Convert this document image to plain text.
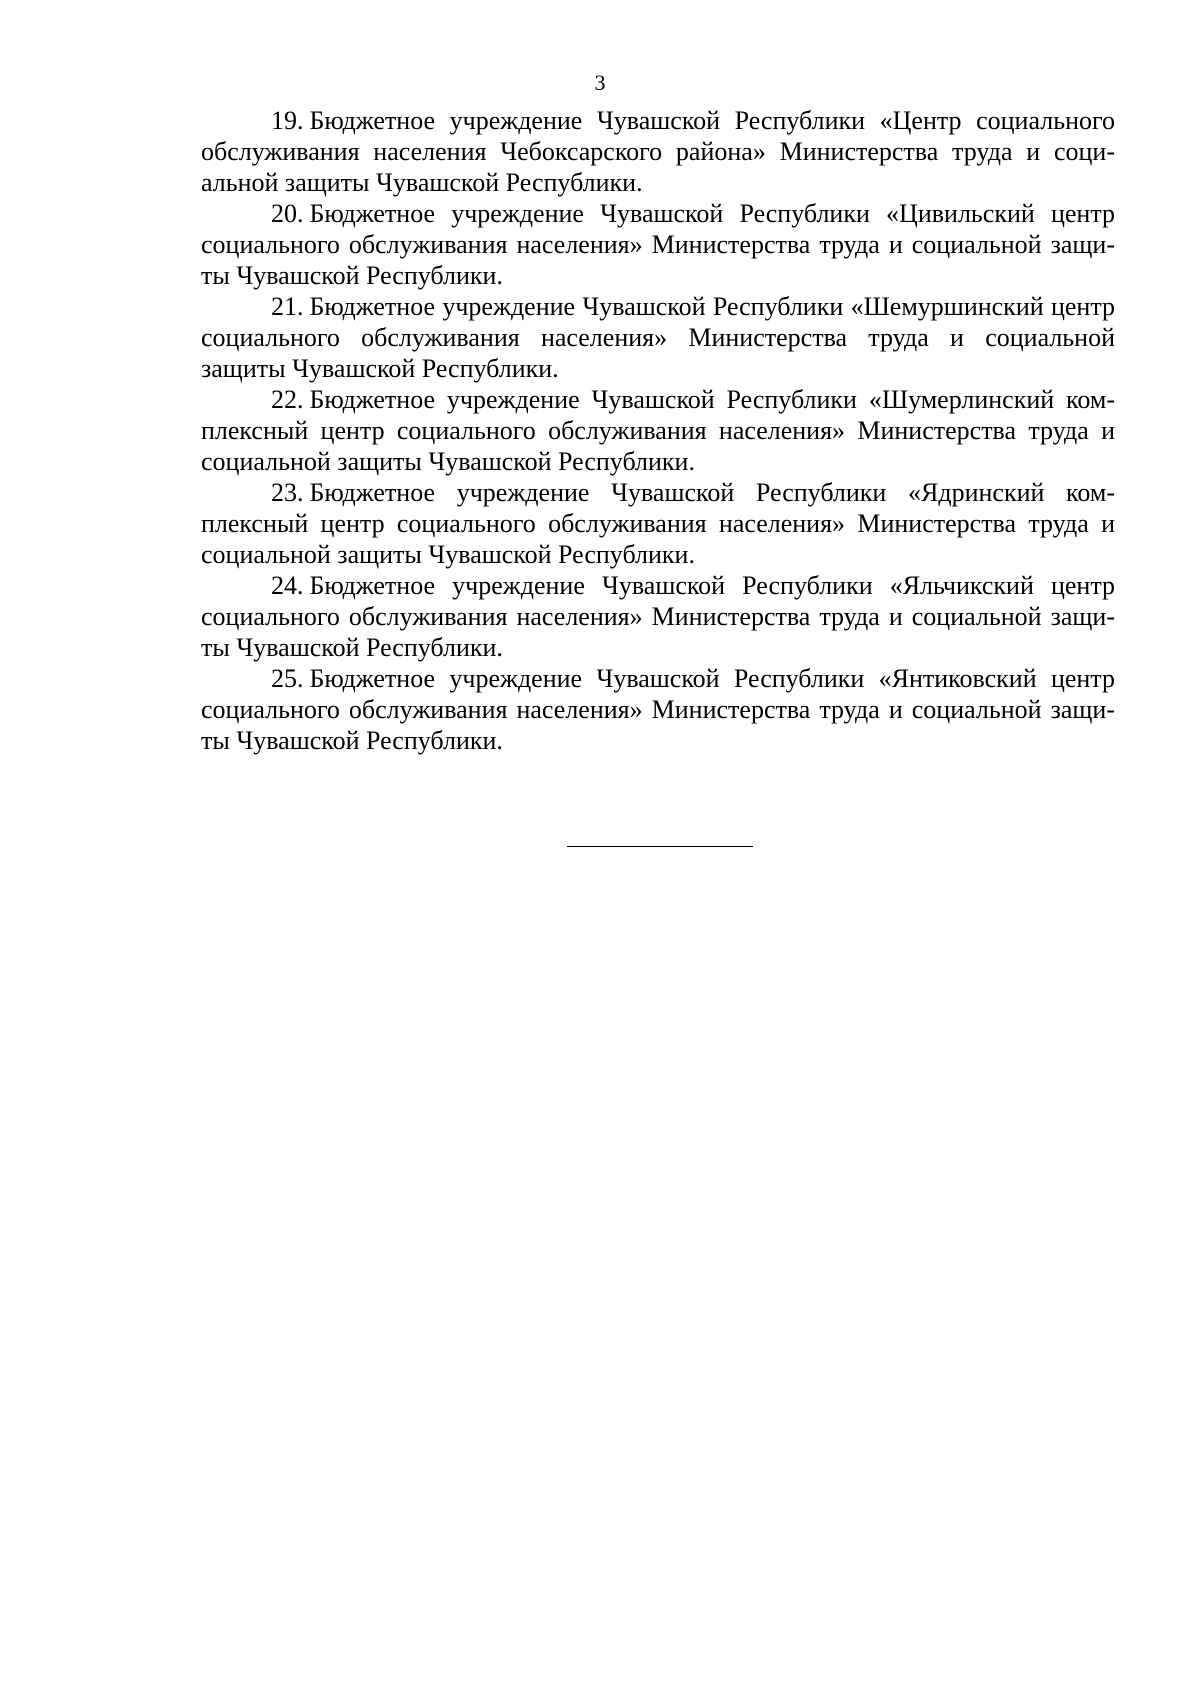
3

19. Бюджетное учреждение Чувашской Республики «Центр социального обслуживания населения Чебоксарского района» Министерства труда и социальной защиты Чувашской Республики.

20. Бюджетное учреждение Чувашской Республики «Цивильский центр социального обслуживания населения» Министерства труда и социальной защиты Чувашской Республики.

21. Бюджетное учреждение Чувашской Республики «Шемуршинский центр социального обслуживания населения» Министерства труда и социальной защиты Чувашской Республики.

22. Бюджетное учреждение Чувашской Республики «Шумерлинский комплексный центр социального обслуживания населения» Министерства труда и социальной защиты Чувашской Республики.

23. Бюджетное учреждение Чувашской Республики «Ядринский комплексный центр социального обслуживания населения» Министерства труда и социальной защиты Чувашской Республики.

24. Бюджетное учреждение Чувашской Республики «Яльчикский центр социального обслуживания населения» Министерства труда и социальной защиты Чувашской Республики.

25. Бюджетное учреждение Чувашской Республики «Янтиковский центр социального обслуживания населения» Министерства труда и социальной защиты Чувашской Республики.
